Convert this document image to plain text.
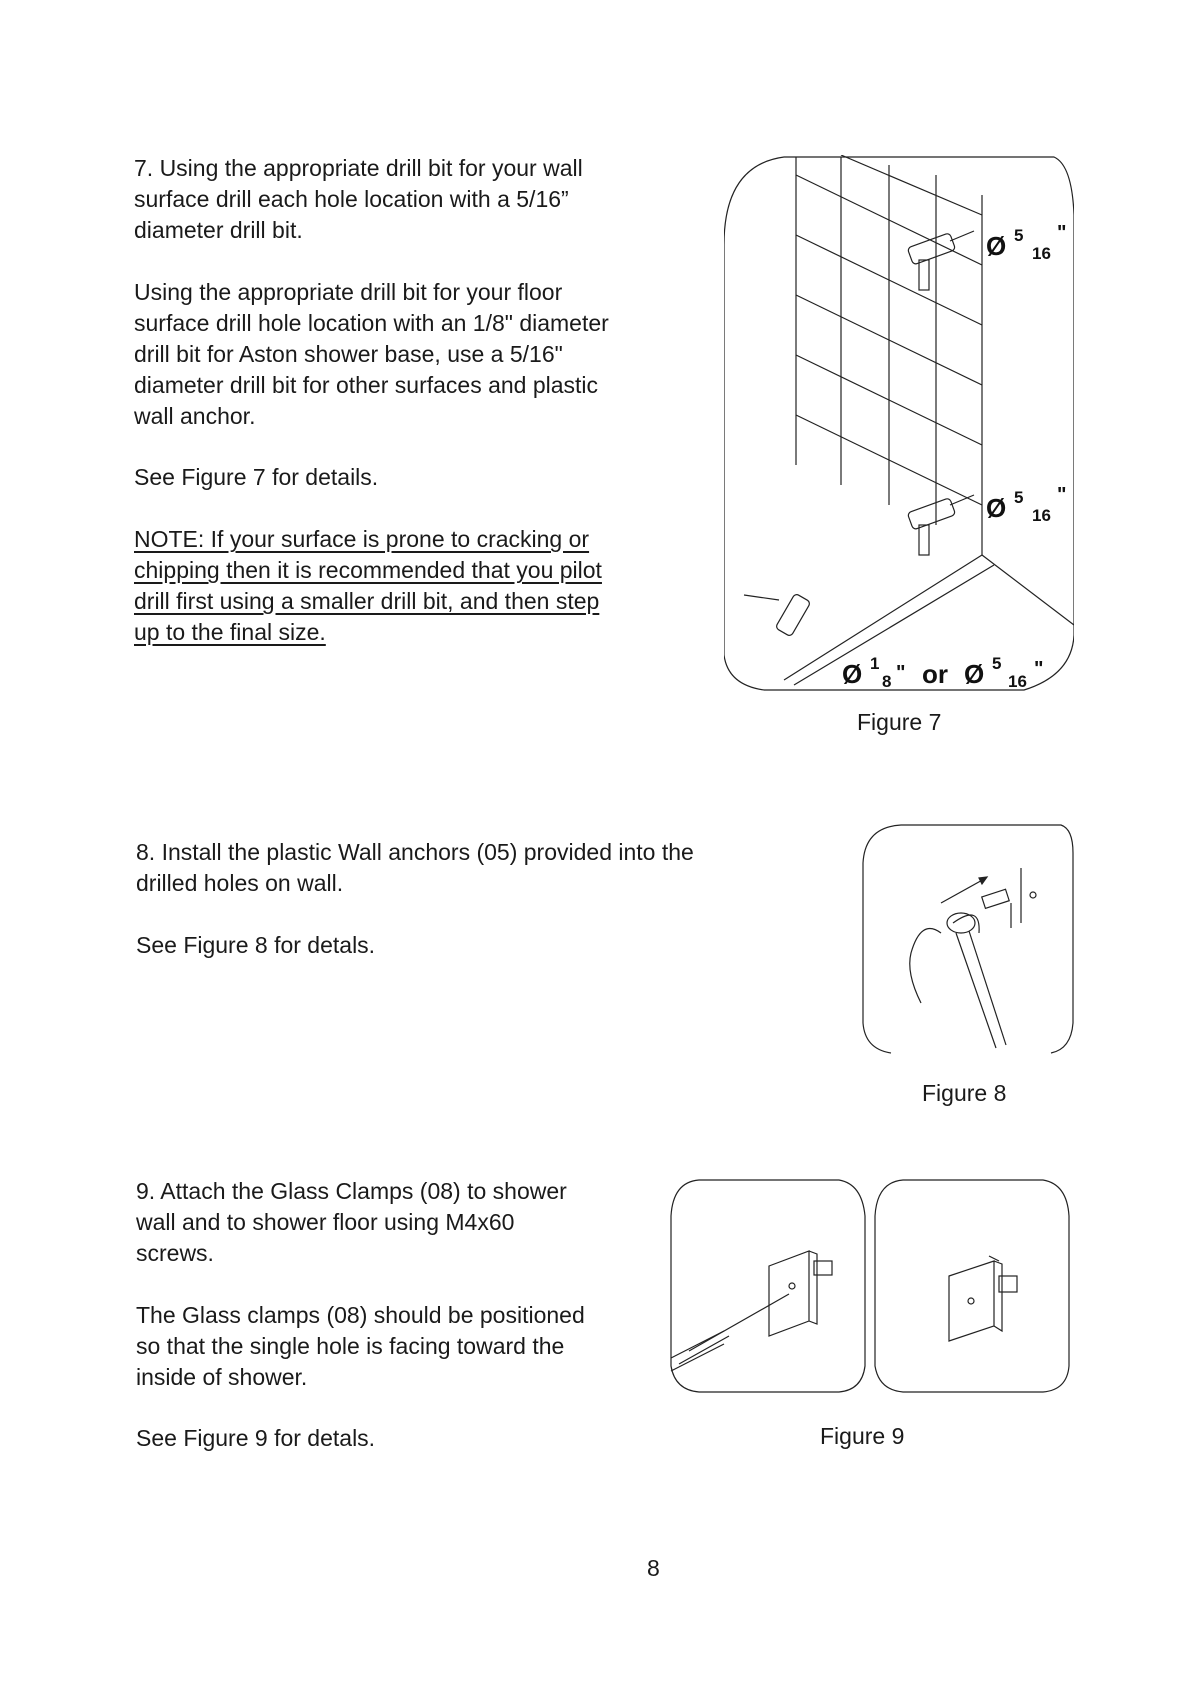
7. Using the appropriate drill bit for your wall
surface drill each hole location with a 5/16”
diameter drill bit.
Using the appropriate drill bit for your floor
surface drill hole location with an 1/8" diameter
drill bit for Aston shower base, use a 5/16"
diameter drill bit for other surfaces and plastic
wall anchor.
See Figure 7 for details.
NOTE: If your surface is prone to cracking or
chipping then it is recommended that you pilot
drill first using a smaller drill bit, and then step
up to the final size.
Ø 5
16
"
Ø 5
16
"
Ø 1
8 " or Ø 5
16
"
Figure 7
8. Install the plastic Wall anchors (05) provided into the
drilled holes on wall.
See Figure 8 for detals.
Figure 8
9. Attach the Glass Clamps (08) to shower
wall and to shower floor using M4x60
screws.
The Glass clamps (08) should be positioned
so that the single hole is facing toward the
inside of shower.
See Figure 9 for detals.	Figure 9
8
